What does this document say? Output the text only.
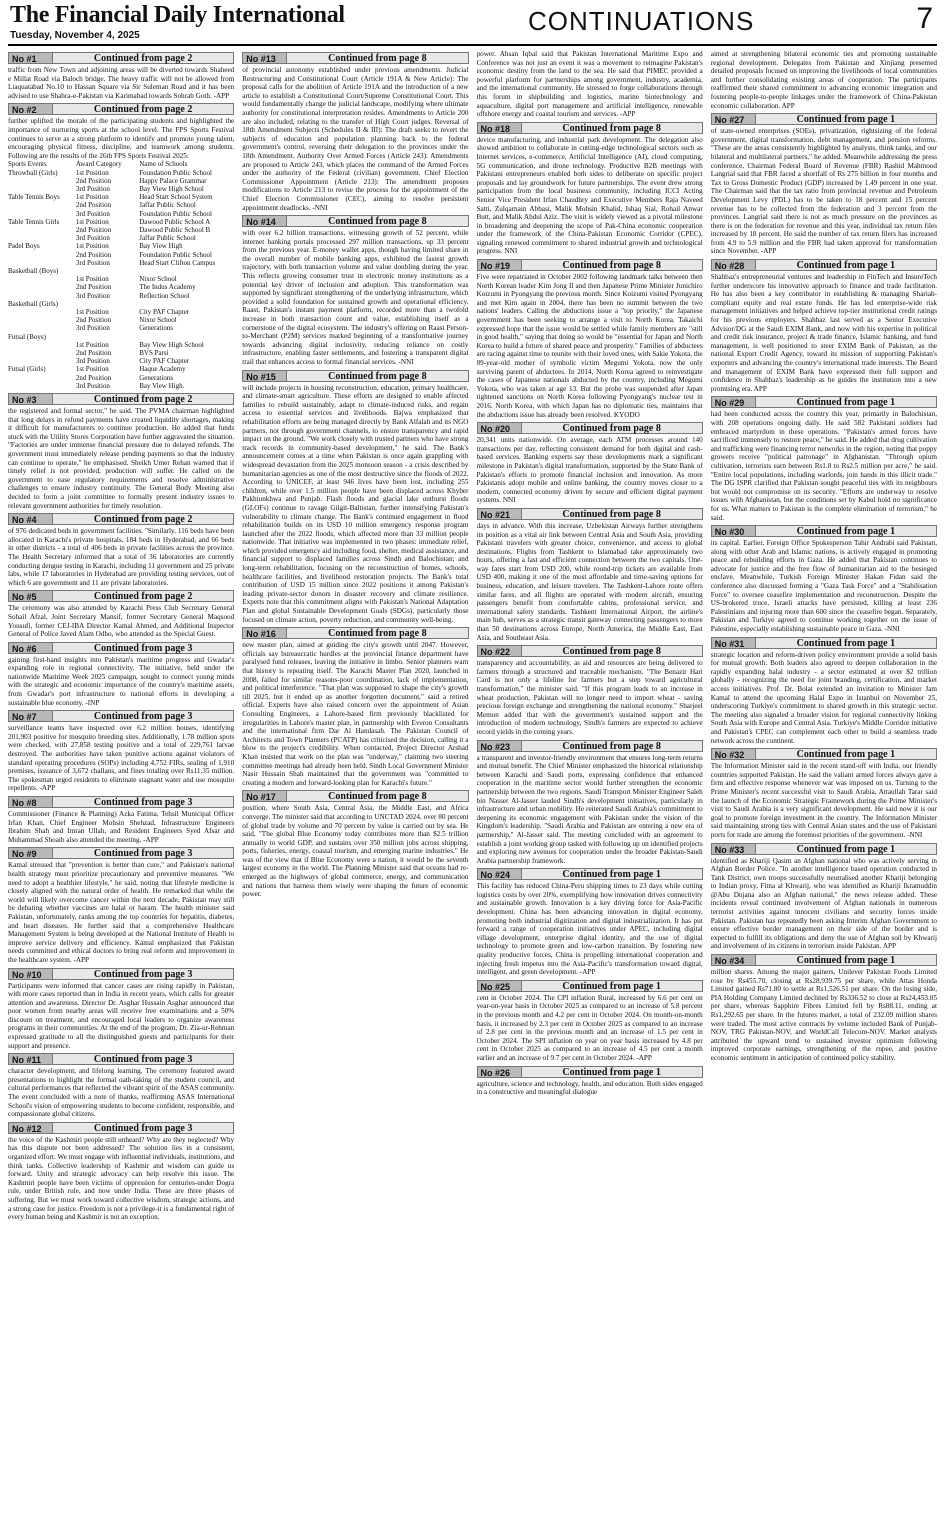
The Financial Daily International
Tuesday, November 4, 2025	CONTINUATIONS	7
No #1	Continued from page 2

traffic from New Town and adjoining areas will be diverted towards Shaheed e Millat Road via Baloch bridge. The heavy traffic will not be allowed from Liaquatabad No.10 to Hassan Square via Sir Suleman Road and it has been advised to use Shahra-e-Pakistan via Karimabad towards Sohrab Goth. -APP

No #2	Continued from page 2

further uplifted the morale of the participating students and highlighted the importance of nurturing sports at the school level. The FPS Sports Festival continues to serve as a strong platform to identify and promote young talent, encouraging physical fitness, discipline, and teamwork among students. Following are the results of the 26th FPS Sports Festival 2025:

Sports Events	Award Category	Name of Schools
Throwball (Girls)	1st Position	Foundation Public School
	2nd Position	Happy Palace Grammar
	3rd Position	Bay View High School
Table Tennis Boys	1st Position	Head Start School System
	2nd Position	Jaffar Public School
	3rd Position	Foundation Public School
Table Tennis Girls	1st Position	Dawood Public School A
	2nd Position	Dawood Public School B
	3rd Position	Jaffar Public School
Padel Boys	1st Position	Bay View High
	2nd Position	Foundation Public School
	3rd Position	Head Start Clifton Campus
Basketball (Boys)		
	1st Position	Nixor School
	2nd Position	The Indus Academy
	3rd Position	Reflection School
Basketball (Girls)		
	1st Position	City PAF Chapter
	2nd Position	Nixor School
	3rd Position	Generations
Futsal (Boys)		
	1st Position	Bay View High School
	2nd Position	BVS Parsi
	3rd Position	City PAF Chapter
Futsal (Girls)	1st Position	Haque Academy
	2nd Position	Generations
	3rd Position	Bay View High.
No #3	Continued from page 2

the registered and formal sector," he said. The PVMA chairman highlighted that long delays in refund payments have created liquidity shortages, making it difficult for manufacturers to continue production. He added that funds stuck with the Utility Stores Corporation have further aggravated the situation. "Factories are under immense financial pressure due to delayed refunds. The government must immediately release pending payments so that the industry can continue to operate," he emphasised. Sheikh Umer Rehan warned that if timely relief is not provided, production will suffer. He called on the government to ease regulatory requirements and resolve administrative challenges to ensure industry continuity. The General Body Meeting also decided to form a joint committee to formally present industry issues to relevant government authorities for timely resolution.

No #4	Continued from page 2

of 976 dedicated beds in government facilities. "Similarly, 116 beds have been allocated in Karachi's private hospitals, 184 beds in Hyderabad, and 66 beds in other districts - a total of 406 beds in private facilities across the province. The Health Secretary informed that a total of 36 laboratories are currently conducting dengue testing in Karachi, including 11 government and 25 private labs, while 17 laboratories in Hyderabad are providing testing services, out of which 6 are government and 11 are private laboratories.

No #5	Continued from page 2

The ceremony was also attended by Karachi Press Club Secretary General Sohail Afzal, Joint Secretary Mansif, former Secretary General Maqsood Yousufi, former CEJ-IBA Director Kamal Ahmed, and Additional Inspector General of Police Javed Alam Odho, who attended as the Special Guest.

No #6	Continued from page 3

gaining first-hand insights into Pakistan's maritime progress and Gwadar's expanding role in regional connectivity. The initiative, held under the nationwide Maritime Week 2025 campaign, sought to connect young minds with the strategic and economic importance of the country's maritime assets, from Gwadar's port infrastructure to national efforts in developing a sustainable blue economy. -INP

No #7	Continued from page 3

surveillance teams have inspected over 6.2 million houses, identifying 201,903 positive for mosquito breeding sites. Additionally, 1.78 million spots were checked, with 27,858 testing positive and a total of 229,761 larvae destroyed. The authorities have taken punitive actions against violators of standard operating procedures (SOPs) including 4,752 FIRs, sealing of 1,910 premises, issuance of 3,672 challans, and fines totaling over Rs11.35 million. The spokesman urged residents to eliminate stagnant water and use mosquito repellents. -APP

No #8	Continued from page 3

Commissioner (Finance & Planning) Azka Fatima, Tehsil Municipal Officer Irfan Khan, Chief Engineer Mohsin Shehzad, Infrastructure Engineers Ibrahim Shah and Imran Ullah, and Resident Engineers Syed Afsar and Muhammad Shoaib also attended the meeting. -APP

No #9	Continued from page 3

Kamal stressed that "prevention is better than cure," and Pakistan's national health strategy must prioritize precautionary and preventive measures. "We need to adopt a healthier lifestyle," he said, noting that lifestyle medicine is closely aligned with the natural order of health. He remarked that while the world will likely overcome cancer within the next decade, Pakistan may still be debating whether vaccines are halal or haram. The health minister said Pakistan, unfortunately, ranks among the top countries for hepatitis, diabetes, and heart diseases. He further said that a comprehensive Healthcare Management System is being developed at the National Institute of Health to improve service delivery and efficiency. Kamal emphasized that Pakistan needs committed and ethical doctors to bring real reform and improvement in the healthcare system. -APP

No #10	Continued from page 3

Participants were informed that cancer cases are rising rapidly in Pakistan, with more cases reported than in India in recent years, which calls for greater attention and awareness. Director Dr. Asghar Hussain Asghar announced that poor women from nearby areas will receive free examinations and a 50% discount on treatment, and encouraged local leaders to organize awareness programs in their communities. At the end of the program, Dr. Zia-ur-Rehman expressed gratitude to all the distinguished guests and participants for their support and presence.

No #11	Continued from page 3

character development, and lifelong learning. The ceremony featured award presentations to highlight the formal oath-taking of the student council, and cultural performances that reflected the vibrant spirit of the ASAS community. The event concluded with a note of thanks, reaffirming ASAS International School's vision of empowering students to become confident, responsible, and compassionate global citizens.

No #12	Continued from page 3

the voice of the Kashmiri people still unheard? Why are they neglected? Why has this dispute not been addressed? The solution lies in a consistent, organized effort. We must engage with influential individuals, institutions, and think tanks. Collective leadership of Kashmir and wisdom can guide us forward. Unity and strategic advocacy can help resolve this issue. The Kashmiri people have been victims of oppression for centuries-under Dogra rule, under British rule, and now under India. These are three phases of suffering. But we must work toward collective wisdom, strategic actions, and a strong case for justice. Freedom is not a privilege-it is a fundamental right of every human being and Kashmir is not an exception.

No #13	Continued from page 8

of provincial autonomy established under previous amendments. Judicial Restructuring and Constitutional Court (Article 191A & New Article): The proposal calls for the abolition of Article 191A and the introduction of a new article to establish a Constitutional Court/Supreme Constitutional Court. This would fundamentally change the judicial landscape, modifying where ultimate authority for constitutional interpretation resides. Amendments to Article 200 are also included, relating to the transfer of High Court judges. Reversal of 18th Amendment Subjects (Schedules II & III): The draft seeks to revert the subjects of education and population planning back to the federal government's control, reversing their delegation to the provinces under the 18th Amendment. Authority Over Armed Forces (Article 243): Amendments are proposed to Article 243, which places the command of the Armed Forces under the authority of the Federal (civilian) government. Chief Election Commissioner Appointment (Article 213): The amendment proposes modifications to Article 213 to revise the process for the appointment of the Chief Election Commissioner (CEC), aiming to resolve persistent appointment deadlocks. -NNI

No #14	Continued from page 8

with over 6.2 billion transactions, witnessing growth of 52 percent, while internet banking portals processed 297 million transactions, up 33 percent from the previous year. E-money wallet apps, though having limited share in the overall number of mobile banking apps, exhibited the fastest growth trajectory, with both transaction volume and value doubling during the year. This reflects growing consumer trust in electronic money institutions as a potential key driver of inclusion and adoption. This transformation was supported by significant strengthening of the underlying infrastructure, which provided a solid foundation for sustained growth and operational efficiency. Raast, Pakistan's instant payment platform, recorded more than a twofold increase in both transaction count and value, establishing itself as a cornerstone of the digital ecosystem. The industry's offering on Raast Person-to-Merchant (P2M) services marked beginning of a transformative journey towards advancing digital inclusivity, reducing reliance on costly infrastructure, enabling faster settlements, and fostering a transparent digital trail that enhances access to formal financial services. -NNI

No #15	Continued from page 8

will include projects in housing reconstruction, education, primary healthcare, and climate-smart agriculture. These efforts are designed to enable affected families to rebuild sustainably, adapt to climate-induced risks, and regain access to essential services and livelihoods. Bajwa emphasized that rehabilitation efforts are being managed directly by Bank Alfalah and its NGO partners, not through government channels, to ensure transparency and rapid impact on the ground. "We work closely with trusted partners who have strong track records in community-based development," he said. The Bank's announcement comes at a time when Pakistan is once again grappling with widespread devastation from the 2025 monsoon season - a crisis described by humanitarian agencies as one of the most destructive since the floods of 2022. According to UNICEF, at least 946 lives have been lost, including 255 children, while over 1.5 million people have been displaced across Khyber Pakhtunkhwa and Punjab. Flash floods and glacial lake outburst floods (GLOFs) continue to ravage Gilgit-Baltistan, further intensifying Pakistan's vulnerability to climate change. The Bank's continued engagement in flood rehabilitation builds on its USD 10 million emergency response program launched after the 2022 floods, which affected more than 33 million people nationwide. That initiative was implemented in two phases: immediate relief, which provided emergency aid including food, shelter, medical assistance, and financial support to displaced families across Sindh and Balochistan; and long-term rehabilitation, focusing on the reconstruction of homes, schools, healthcare facilities, and livelihood restoration projects. The Bank's total contribution of USD 15 million since 2022 positions it among Pakistan's leading private-sector donors in disaster recovery and climate resilience. Experts note that this commitment aligns with Pakistan's National Adaptation Plan and global Sustainable Development Goals (SDGs), particularly those focused on climate action, poverty reduction, and community well-being.

No #16	Continued from page 8

new master plan, aimed at guiding the city's growth until 2047. However, officials say bureaucratic hurdles at the provincial finance department have paralysed fund releases, leaving the initiative in limbo. Senior planners warn that history is repeating itself. The Karachi Master Plan 2020, launched in 2008, failed for similar reasons-poor coordination, lack of implementation, and political interference. "That plan was supposed to shape the city's growth till 2025, but it ended up as another forgotten document," said a retired official. Experts have also raised concern over the appointment of Asian Consulting Engineers, a Lahore-based firm previously blacklisted for irregularities in Lahore's master plan, in partnership with Everon Consultants and the international firm Dar Al Handasah. The Pakistan Council of Architects and Town Planners (PCATP) has criticised the decision, calling it a blow to the project's credibility. When contacted, Project Director Arshad Khan insisted that work on the plan was "underway," claiming two steering committee meetings had already been held. Sindh Local Government Minister Nasir Hussain Shah maintained that the government was "committed to creating a modern and forward-looking plan for Karachi's future."

No #17	Continued from page 8

position, where South Asia, Central Asia, the Middle East, and Africa converge. The minister said that according to UNCTAD 2024, over 80 percent of global trade by volume and 70 percent by value is carried out by sea. He said, "The global Blue Economy today contributes more than $2.5 trillion annually to world GDP, and sustains over 350 million jobs across shipping, ports, fisheries, energy, coastal tourism, and emerging marine industries." He was of the view that if Blue Economy were a nation, it would be the seventh largest economy in the world. The Planning Minister said that oceans had re-emerged as the highways of global commerce, energy, and communication and nations that harness them wisely were shaping the future of economic power.

power. Ahsan Iqbal said that Pakistan International Maritime Expo and Conference was not just an event it was a movement to reimagine Pakistan's economic destiny from the land to the sea. He said that PIMEC provided a powerful platform for partnerships among government, industry, academia, and the international community. He stressed to forge collaborations through this forum in shipbuilding and logistics, marine biotechnology and aquaculture, digital port management and artificial intelligence, renewable offshore energy and coastal tourism and services. -APP

No #18	Continued from page 8

device manufacturing, and industrial park development. The delegation also showed ambition to collaborate in cutting-edge technological sectors such as Internet services, e-commerce, Artificial Intelligence (AI), cloud computing, 5G communication, and drone technology. Productive B2B meetings with Pakistani entrepreneurs enabled both sides to deliberate on specific project proposals and lay groundwork for future partnerships. The event drew strong participation from the local business community, including ICCI Acting Senior Vice President Irfan Chaudhry and Executive Members Raja Naveed Satti, Zulqarnain Abbasi, Malik Mohsin Khalid, Ishaq Sial, Rohail Anwar Butt, and Malik Abdul Aziz. The visit is widely viewed as a pivotal milestone in broadening and deepening the scope of Pak-China economic cooperation under the framework of the China-Pakistan Economic Corridor (CPEC), signaling renewed commitment to shared industrial growth and technological progress. NNI

No #19	Continued from page 8

Five were repatriated in October 2002 following landmark talks between then North Korean leader Kim Jong Il and then Japanese Prime Minister Junichiro Koizumi in Pyongyang the previous month. Since Koizumi visited Pyongyang and met Kim again in 2004, there has been no summit between the two nations' leaders. Calling the abductions issue a "top priority," the Japanese government has been seeking to arrange a visit to North Korea. Takaichi expressed hope that the issue would be settled while family members are "still in good health," saying that doing so would be "essential for Japan and North Korea to build a future of shared peace and prosperity." Families of abductees are racing against time to reunite with their loved ones, with Sakie Yokota, the 89-year-old mother of symbolic victim Megumi Yokota, now the only surviving parent of abductees. In 2014, North Korea agreed to reinvestigate the cases of Japanese nationals abducted by the country, including Megumi Yokota, who was taken at age 13. But the probe was suspended after Japan tightened sanctions on North Korea following Pyongyang's nuclear test in 2016. North Korea, with which Japan has no diplomatic ties, maintains that the abductions issue has already been resolved. KYODO

No #20	Continued from page 8

20,341 units nationwide. On average, each ATM processes around 140 transactions per day, reflecting consistent demand for both digital and cash-based services. Banking experts say these developments mark a significant milestone in Pakistan's digital transformation, supported by the State Bank of Pakistan's efforts to promote financial inclusion and innovation. As more Pakistanis adopt mobile and online banking, the country moves closer to a modern, connected economy driven by secure and efficient digital payment systems. NNI

No #21	Continued from page 8

days in advance. With this increase, Uzbekistan Airways further strengthens its position as a vital air link between Central Asia and South Asia, providing Pakistani travelers with greater choice, convenience, and access to global destinations. Flights from Tashkent to Islamabad take approximately two hours, offering a fast and efficient connection between the two capitals. One-way fares start from USD 200, while round-trip tickets are available from USD 400, making it one of the most affordable and time-saving options for business, education, and leisure travelers. The Tashkent-Lahore route offers similar fares, and all flights are operated with modern aircraft, ensuring passengers benefit from comfortable cabins, professional service, and international safety standards. Tashkent International Airport, the airline's main hub, serves as a strategic transit gateway connecting passengers to more than 50 destinations across Europe, North America, the Middle East, East Asia, and Southeast Asia.

No #22	Continued from page 8

transparency and accountability, as aid and resources are being delivered to farmers through a structured and traceable mechanism. "The Benazir Hari Card is not only a lifeline for farmers but a step toward agricultural transformation," the minister said. "If this program leads to an increase in wheat production, Pakistan will no longer need to import wheat - saving precious foreign exchange and strengthening the national economy." Sharjeel Memon added that with the government's sustained support and the introduction of modern technology, Sindh's farmers are expected to achieve record yields in the coming years.

No #23	Continued from page 8

a transparent and investor-friendly environment that ensures long-term returns and mutual benefit. The Chief Minister emphasized the historical relationship between Karachi and Saudi ports, expressing confidence that enhanced cooperation in the maritime sector would further strengthen the economic partnership between the two regions. Saudi Transport Minister Engineer Saleh bin Nasser Al-Jasser lauded Sindh's development initiatives, particularly in infrastructure and urban mobility. He reiterated Saudi Arabia's commitment to deepening its economic engagement with Pakistan under the vision of the Kingdom's leadership. "Saudi Arabia and Pakistan are entering a new era of partnership," Al-Jasser said. The meeting concluded with an agreement to establish a joint working group tasked with following up on identified projects and exploring new avenues for cooperation under the broader Pakistan-Saudi Arabia partnership framework.

No #24	Continued from page 1

This facility has reduced China-Peru shipping times to 23 days while cutting logistics costs by over 20%, exemplifying how innovation drives connectivity and sustainable growth. Innovation is a key driving force for Asia-Pacific development. China has been advancing innovation in digital economy, promoting both industrial digitization and digital industrialization. It has put forward a range of cooperation initiatives under APEC, including digital village development, enterprise digital identity, and the use of digital technology to promote green and low-carbon transition. By fostering new quality productive forces, China is propelling international cooperation and injecting fresh impetus into the Asia-Pacific's transformation toward digital, intelligent, and green development. -APP

No #25	Continued from page 1

cent in October 2024. The CPI inflation Rural, increased by 6.6 per cent on year-on-year basis in October 2025 as compared to an increase of 5.8 percent in the previous month and 4.2 per cent in October 2024. On month-on-month basis, it increased by 2.3 per cent in October 2025 as compared to an increase of 2.8 per cent in the previous month and an increase of 1.5 per cent in October 2024. The SPI inflation on year on year basis increased by 4.8 per cent in October 2025 as compared to an increase of 4.5 per cent a month earlier and an increase of 9.7 per cent in October 2024. -APP

No #26	Continued from page 1

agriculture, science and technology, health, and education. Both sides engaged in a constructive and meaningful dialogue

aimed at strengthening bilateral economic ties and promoting sustainable regional development. Delegates from Pakistan and Xinjiang presented detailed proposals focused on improving the livelihoods of local communities and further consolidating existing areas of cooperation. The participants reaffirmed their shared commitment to advancing economic integration and fostering people-to-people linkages under the framework of China-Pakistan economic collaboration. APP

No #27	Continued from page 1

of state-owned enterprises (SOEs), privatization, rightsizing of the federal government, digital transformation, debt management, and pension reforms. "These are the areas consistently highlighted by analysts, think tanks, and our bilateral and multilateral partners," he added. Meanwhile addressing the press conference, Chairman Federal Board of Revenue (FBR) Rashid Mahmood Langrial said that FBR faced a shortfall of Rs 275 billion in four months and Tax to Gross Domestic Product (GDP) increased by 1.49 percent in one year. The Chairman said that the tax ratio from provincial revenue and Petroleum Development Levy (PDL) has to be taken to 18 percent and 15 percent revenue has to be collected from the federation and 3 percent from the provinces. Langrial said there is not as much pressure on the provinces as there is on the federation for revenue and this year, individual tax return files increased by 18 percent. He said the number of tax return filers has increased from 4.9 to 5.9 million and the FBR had taken approval for transformation since November. -APP

No #28	Continued from page 1

Shahbaz's entrepreneurial ventures and leadership in FinTech and InsureTech further underscore his innovative approach to finance and trade facilitation. He has also been a key contributor in establishing & managing Shariah-compliant equity and real estate funds. He has led enterprise-wide risk management initiatives and helped achieve top-tier institutional credit ratings for his previous employers. Shahbaz last served as a Senior Executive Advisor/DG at the Saudi EXIM Bank, and now with his expertise in political and credit risk insurance, project & trade finance, Islamic banking, and fund management, is well positioned to steer EXIM Bank of Pakistan, as the national Export Credit Agency, toward its mission of supporting Pakistan's exporters and advancing the country's international trade interests. The Board and management of EXIM Bank have expressed their full support and confidence in Shahbaz's leadership as he guides the institution into a new promising era. APP

No #29	Continued from page 1

had been conducted across the country this year, primarily in Balochistan, with 208 operations ongoing daily. He said 582 Pakistani soldiers had embraced martyrdom in these operations. "Pakistan's armed forces have sacrificed immensely to restore peace," he said. He added that drug cultivation and trafficking were financing terror networks in the region, noting that poppy growers receive "political patronage" in Afghanistan. "Through opium cultivation, terrorists earn between Rs1.8 to Rs2.5 million per acre," he said. "Entire local populations, including warlords, join hands in this illicit trade." The DG ISPR clarified that Pakistan sought peaceful ties with its neighbours but would not compromise on its security. "Efforts are underway to resolve issues with Afghanistan, but the conditions set by Kabul hold no significance for us. What matters to Pakistan is the complete elimination of terrorism," he said.

No #30	Continued from page 1

its capital. Earlier, Foreign Office Spokesperson Tahir Andrabi said Pakistan, along with other Arab and Islamic nations, is actively engaged in promoting peace and rebuilding efforts in Gaza. He added that Pakistan continues to advocate for justice and the free flow of humanitarian aid to the besieged enclave. Meanwhile, Turkish Foreign Minister Hakan Fidan said the conference also discussed forming a "Gaza Task Force" and a "Stabilisation Force" to oversee ceasefire implementation and reconstruction. Despite the US-brokered truce, Israeli attacks have persisted, killing at least 236 Palestinians and injuring more than 600 since the ceasefire began. Separately, Pakistan and Turkiye agreed to continue working together on the issue of Palestine, especially establishing sustainable peace in Gaza. -NNI

No #31	Continued from page 1

strategic location and reform-driven policy environment provide a solid basis for mutual growth. Both leaders also agreed to deepen collaboration in the rapidly expanding halal industry - a sector estimated at over $2 trillion globally - recognizing the need for joint branding, certification, and market access initiatives. Prof. Dr. Bolat extended an invitation to Minister Jam Kamal to attend the upcoming Halal Expo in Istanbul on November 25, underscoring Turkiye's commitment to shared growth in this strategic sector. The meeting also signaled a broader vision for regional connectivity linking South Asia with Europe and Central Asia. Turkiye's Middle Corridor initiative and Pakistan's CPEC can complement each other to build a seamless trade network across the continent.

No #32	Continued from page 1

The Information Minister said in the recent stand-off with India, our friendly countries supported Pakistan. He said the valiant armed forces always gave a firm and effective response whenever war was imposed on us. Turning to the Prime Minister's recent successful visit to Saudi Arabia, Attaullah Tarar said the launch of the Economic Strategic Framework during the Prime Minister's visit to Saudi Arabia is a very significant development. He said now it is our goal to promote foreign investment in the country. The Information Minister said maintaining strong ties with Central Asian states and the use of Pakistani ports for trade are among the foremost priorities of the government. -NNI

No #33	Continued from page 1

identified as Khariji Qasim an Afghan national who was actively serving in Afghan Border Police. "In another intelligence based operation conducted in Tank District, own troops successfully neutralised another Khariji belonging to Indian proxy, Fitna al Khwarij, who was identified as Khariji Ikramuddin @Abu Dujana also an Afghan national," the news release added. These incidents reveal continued involvement of Afghan nationals in numerous terrorist activities against innocent civilians and security forces inside Pakistan. Pakistan has repeatedly been asking Interim Afghan Government to ensure effective border management on their side of the border and is expected to fulfill its obligations and deny the use of Afghan soil by Khwarij and involvement of its citizens in terrorism inside Pakistan. APP

No #34	Continued from page 1

million shares. Among the major gainers, Unilever Pakistan Foods Limited rose by Rs455.70, closing at Rs28,939.75 per share, while Attas Honda Limited gained Rs71.80 to settle at Rs1,526.51 per share. On the losing side, PIA Holding Company Limited declined by Rs336.52 to close at Rs24,453.05 per share, whereas Sapphire Fibres Limited fell by Rs88.11, ending at Rs1,292.65 per share. In the futures market, a total of 232.09 million shares were traded. The most active contracts by volume included Bank of Punjab-NOV, TRG Pakistan-NOV, and WorldCall Telecom-NOV. Market analysts attributed the upward trend to sustained investor optimism following improved corporate earnings, strengthening of the rupee, and positive economic sentiment in anticipation of continued policy stability.
